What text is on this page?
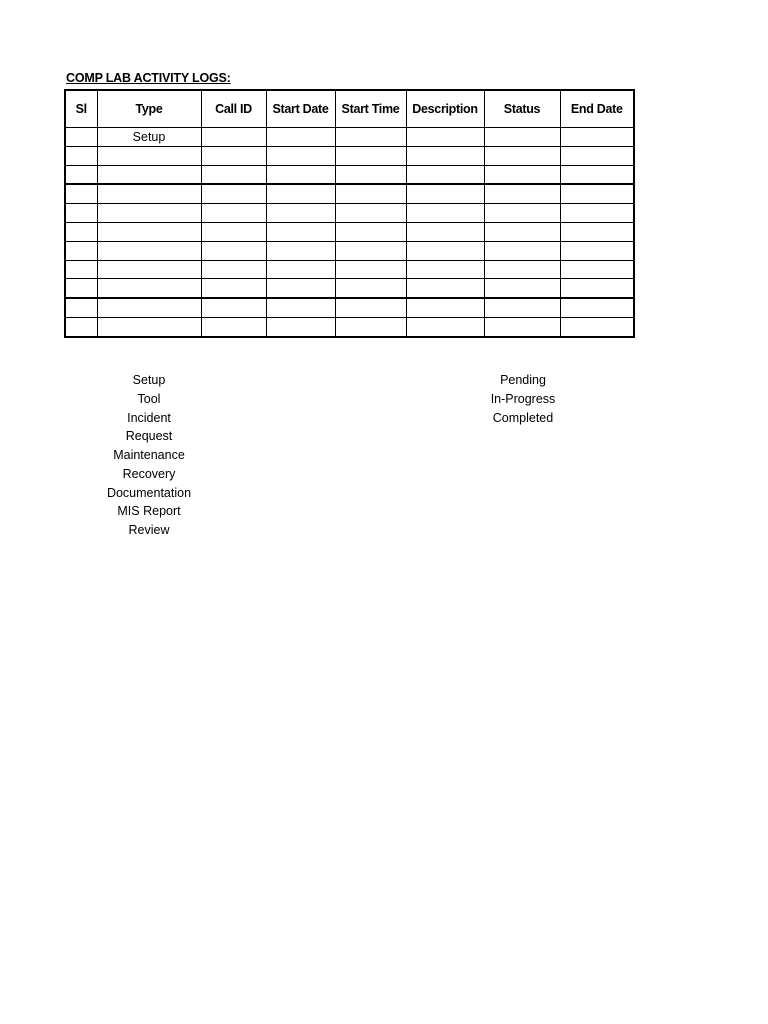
COMP LAB ACTIVITY LOGS:
Sl	Type	Call ID	Start Date	Start Time	Description	Status	End Date
	Setup						

Setup
Tool
Incident
Request
Maintenance
Recovery
Documentation
MIS Report
Review
Pending
In-Progress
Completed
